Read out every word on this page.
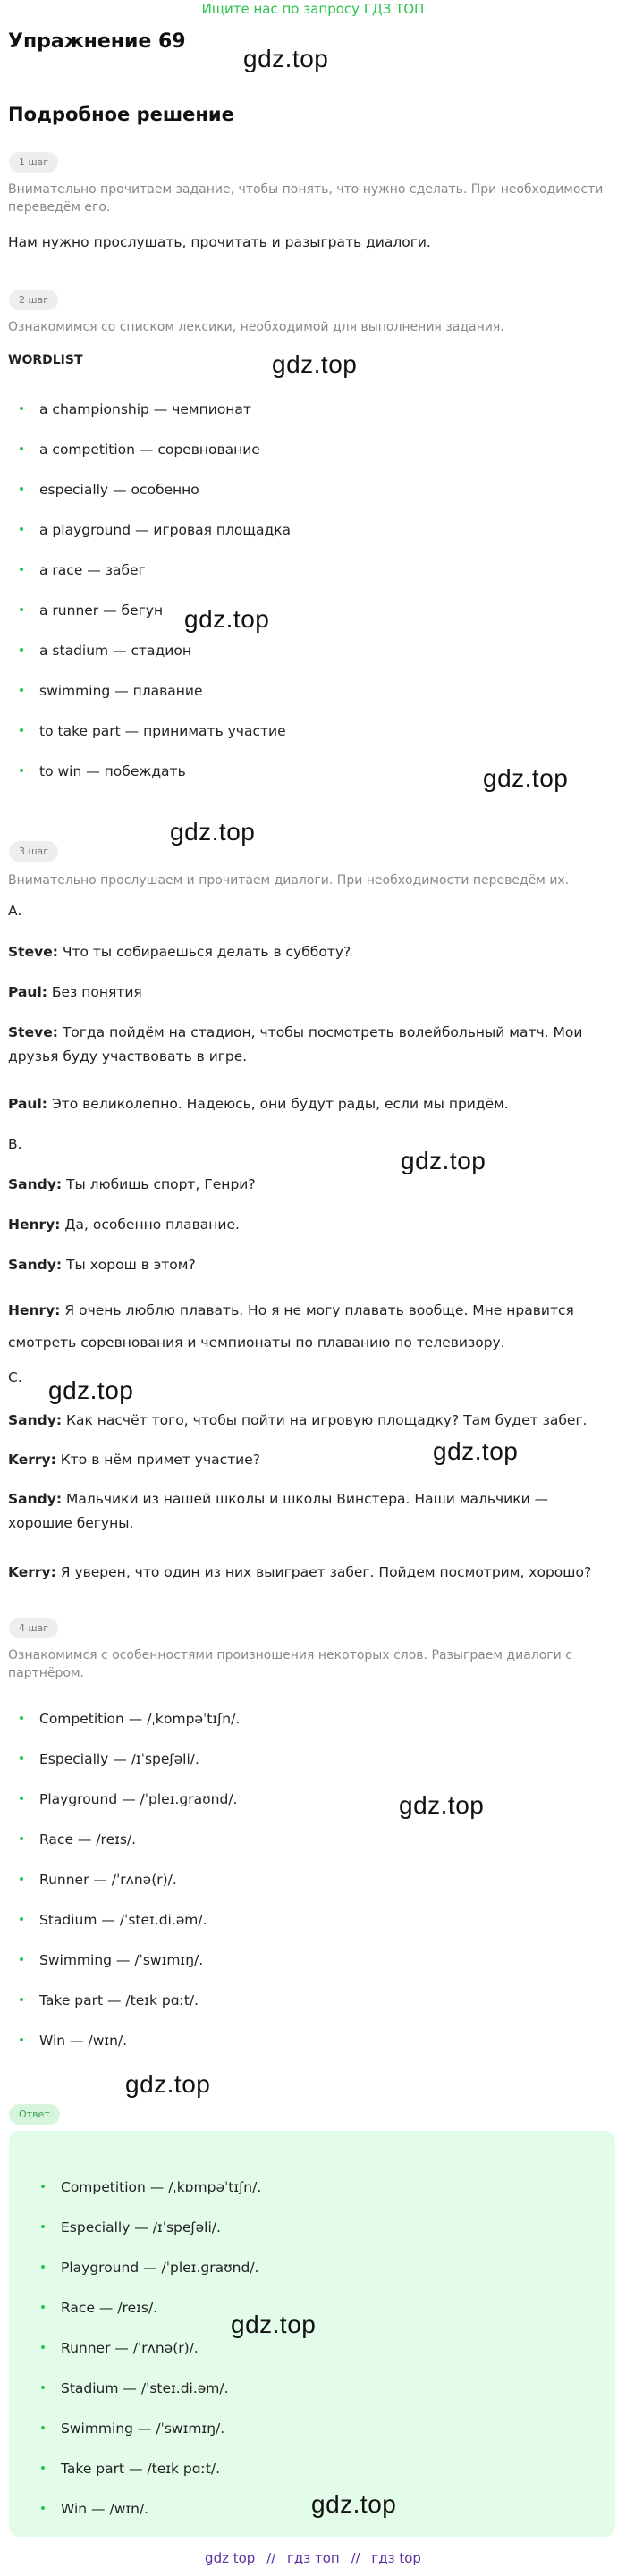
Ищите нас по запросу ГДЗ ТОП
Упражнение 69
gdz.top
Подробное решение
1 шаг
Внимательно прочитаем задание, чтобы понять, что нужно сделать. При необходимости переведём его.
Нам нужно прослушать, прочитать и разыграть диалоги.
2 шаг
Ознакомимся со списком лексики, необходимой для выполнения задания.
WORDLIST	gdz.top
a championship — чемпионат
a competition — соревнование
especially — особенно
a playground — игровая площадка
a race — забег
a runner — бегун gdz.top
a stadium — стадион
swimming — плавание
to take part — принимать участие
to win — побеждать	gdz.top
gdz.top
3 шаг
Внимательно прослушаем и прочитаем диалоги. При необходимости переведём их.
A.
Steve: Что ты собираешься делать в субботу?
Paul: Без понятия
Steve: Тогда пойдём на стадион, чтобы посмотреть волейбольный матч. Мои друзья буду участвовать в игре.
Paul: Это великолепно. Надеюсь, они будут рады, если мы придём.
B.
gdz.top
Sandy: Ты любишь спорт, Генри?
Henry: Да, особенно плавание.
Sandy: Ты хорош в этом?
Henry: Я очень люблю плавать. Но я не могу плавать вообще. Мне нравится смотреть соревнования и чемпионаты по плаванию по телевизору.
C.	gdz.top
Sandy: Как насчёт того, чтобы пойти на игровую площадку? Там будет забег.
gdz.top
Kerry: Кто в нём примет участие?
Sandy: Мальчики из нашей школы и школы Винстера. Наши мальчики — хорошие бегуны.
Kerry: Я уверен, что один из них выиграет забег. Пойдем посмотрим, хорошо?
4 шаг
Ознакомимся с особенностями произношения некоторых слов. Разыграем диалоги с партнёром.
Competition — /ˌkɒmpəˈtɪʃn/.
Especially — /ɪˈspeʃəli/.
Playground — /ˈpleɪ.ɡraʊnd/.	gdz.top
Race — /reɪs/.
Runner — /ˈrʌnə(r)/.
Stadium — /ˈsteɪ.di.əm/.
Swimming — /ˈswɪmɪŋ/.
Take part — /teɪk pɑːt/.
Win — /wɪn/.
gdz.top
Ответ
Competition — /ˌkɒmpəˈtɪʃn/.
Especially — /ɪˈspeʃəli/.
Playground — /ˈpleɪ.ɡraʊnd/.
Race — /reɪs/.
gdz.top
Runner — /ˈrʌnə(r)/.
Stadium — /ˈsteɪ.di.əm/.
Swimming — /ˈswɪmɪŋ/.
Take part — /teɪk pɑːt/.
Win — /wɪn/.	gdz.top
gdz top // гдз топ // гдз top
